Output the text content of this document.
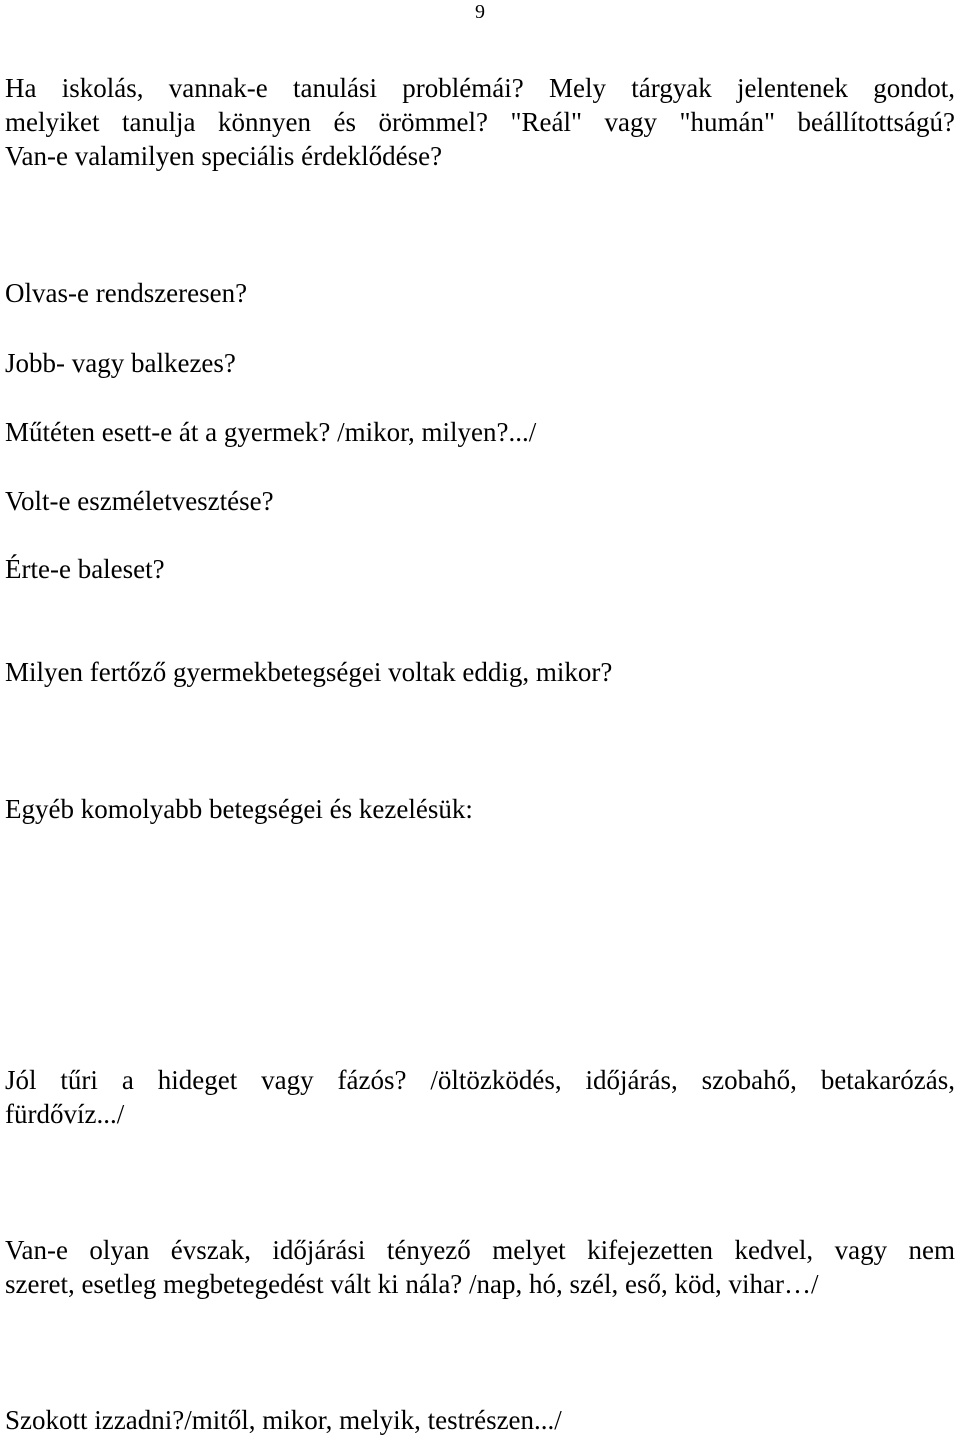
9

Ha iskolás, vannak-e tanulási problémái? Mely tárgyak jelentenek gondot,
melyiket tanulja könnyen és örömmel? "Reál" vagy "humán" beállítottságú?
Van-e valamilyen speciális érdeklődése?

Olvas-e rendszeresen?

Jobb- vagy balkezes?

Műtéten esett-e át a gyermek? /mikor, milyen?.../

Volt-e eszméletvesztése?

Érte-e baleset?

Milyen fertőző gyermekbetegségei voltak eddig, mikor?

Egyéb komolyabb betegségei és kezelésük:

Jól tűri a hideget vagy fázós? /öltözködés, időjárás, szobahő, betakarózás,
fürdővíz.../

Van-e olyan évszak, időjárási tényező melyet kifejezetten kedvel, vagy nem
szeret, esetleg megbetegedést vált ki nála? /nap, hó, szél, eső, köd, vihar…/

Szokott izzadni?/mitől, mikor, melyik, testrészen.../
